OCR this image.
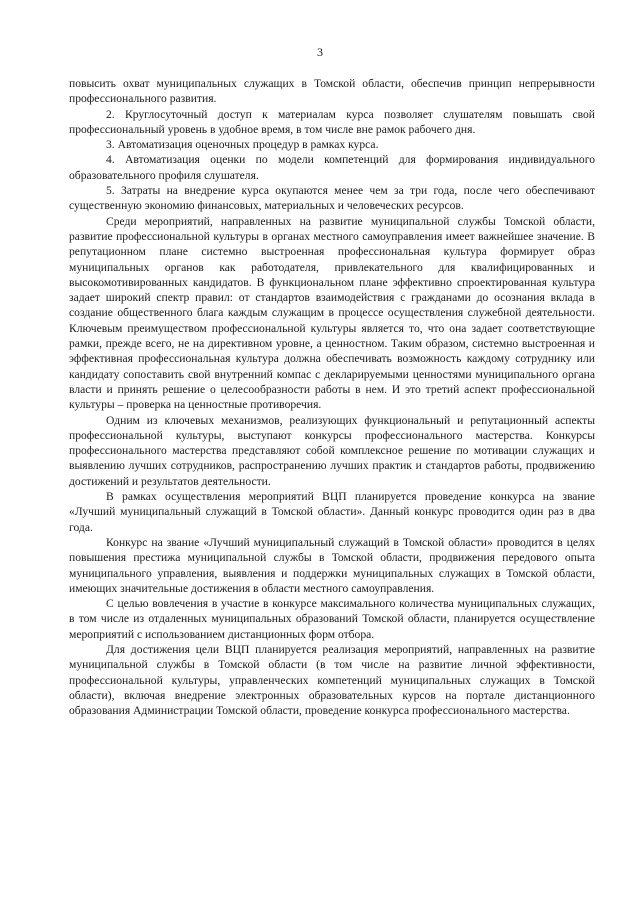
3

повысить охват муниципальных служащих в Томской области, обеспечив принцип непрерывности профессионального развития.

2. Круглосуточный доступ к материалам курса позволяет слушателям повышать свой профессиональный уровень в удобное время, в том числе вне рамок рабочего дня.

3. Автоматизация оценочных процедур в рамках курса.

4. Автоматизация оценки по модели компетенций для формирования индивидуального образовательного профиля слушателя.

5. Затраты на внедрение курса окупаются менее чем за три года, после чего обеспечивают существенную экономию финансовых, материальных и человеческих ресурсов.

Среди мероприятий, направленных на развитие муниципальной службы Томской области, развитие профессиональной культуры в органах местного самоуправления имеет важнейшее значение. В репутационном плане системно выстроенная профессиональная культура формирует образ муниципальных органов как работодателя, привлекательного для квалифицированных и высокомотивированных кандидатов. В функциональном плане эффективно спроектированная культура задает широкий спектр правил: от стандартов взаимодействия с гражданами до осознания вклада в создание общественного блага каждым служащим в процессе осуществления служебной деятельности. Ключевым преимуществом профессиональной культуры является то, что она задает соответствующие рамки, прежде всего, не на директивном уровне, а ценностном. Таким образом, системно выстроенная и эффективная профессиональная культура должна обеспечивать возможность каждому сотруднику или кандидату сопоставить свой внутренний компас с декларируемыми ценностями муниципального органа власти и принять решение о целесообразности работы в нем. И это третий аспект профессиональной культуры – проверка на ценностные противоречия.

Одним из ключевых механизмов, реализующих функциональный и репутационный аспекты профессиональной культуры, выступают конкурсы профессионального мастерства. Конкурсы профессионального мастерства представляют собой комплексное решение по мотивации служащих и выявлению лучших сотрудников, распространению лучших практик и стандартов работы, продвижению достижений и результатов деятельности.

В рамках осуществления мероприятий ВЦП планируется проведение конкурса на звание «Лучший муниципальный служащий в Томской области». Данный конкурс проводится один раз в два года.

Конкурс на звание «Лучший муниципальный служащий в Томской области» проводится в целях повышения престижа муниципальной службы в Томской области, продвижения передового опыта муниципального управления, выявления и поддержки муниципальных служащих в Томской области, имеющих значительные достижения в области местного самоуправления.

С целью вовлечения в участие в конкурсе максимального количества муниципальных служащих, в том числе из отдаленных муниципальных образований Томской области, планируется осуществление мероприятий с использованием дистанционных форм отбора.

Для достижения цели ВЦП планируется реализация мероприятий, направленных на развитие муниципальной службы в Томской области (в том числе на развитие личной эффективности, профессиональной культуры, управленческих компетенций муниципальных служащих в Томской области), включая внедрение электронных образовательных курсов на портале дистанционного образования Администрации Томской области, проведение конкурса профессионального мастерства.
